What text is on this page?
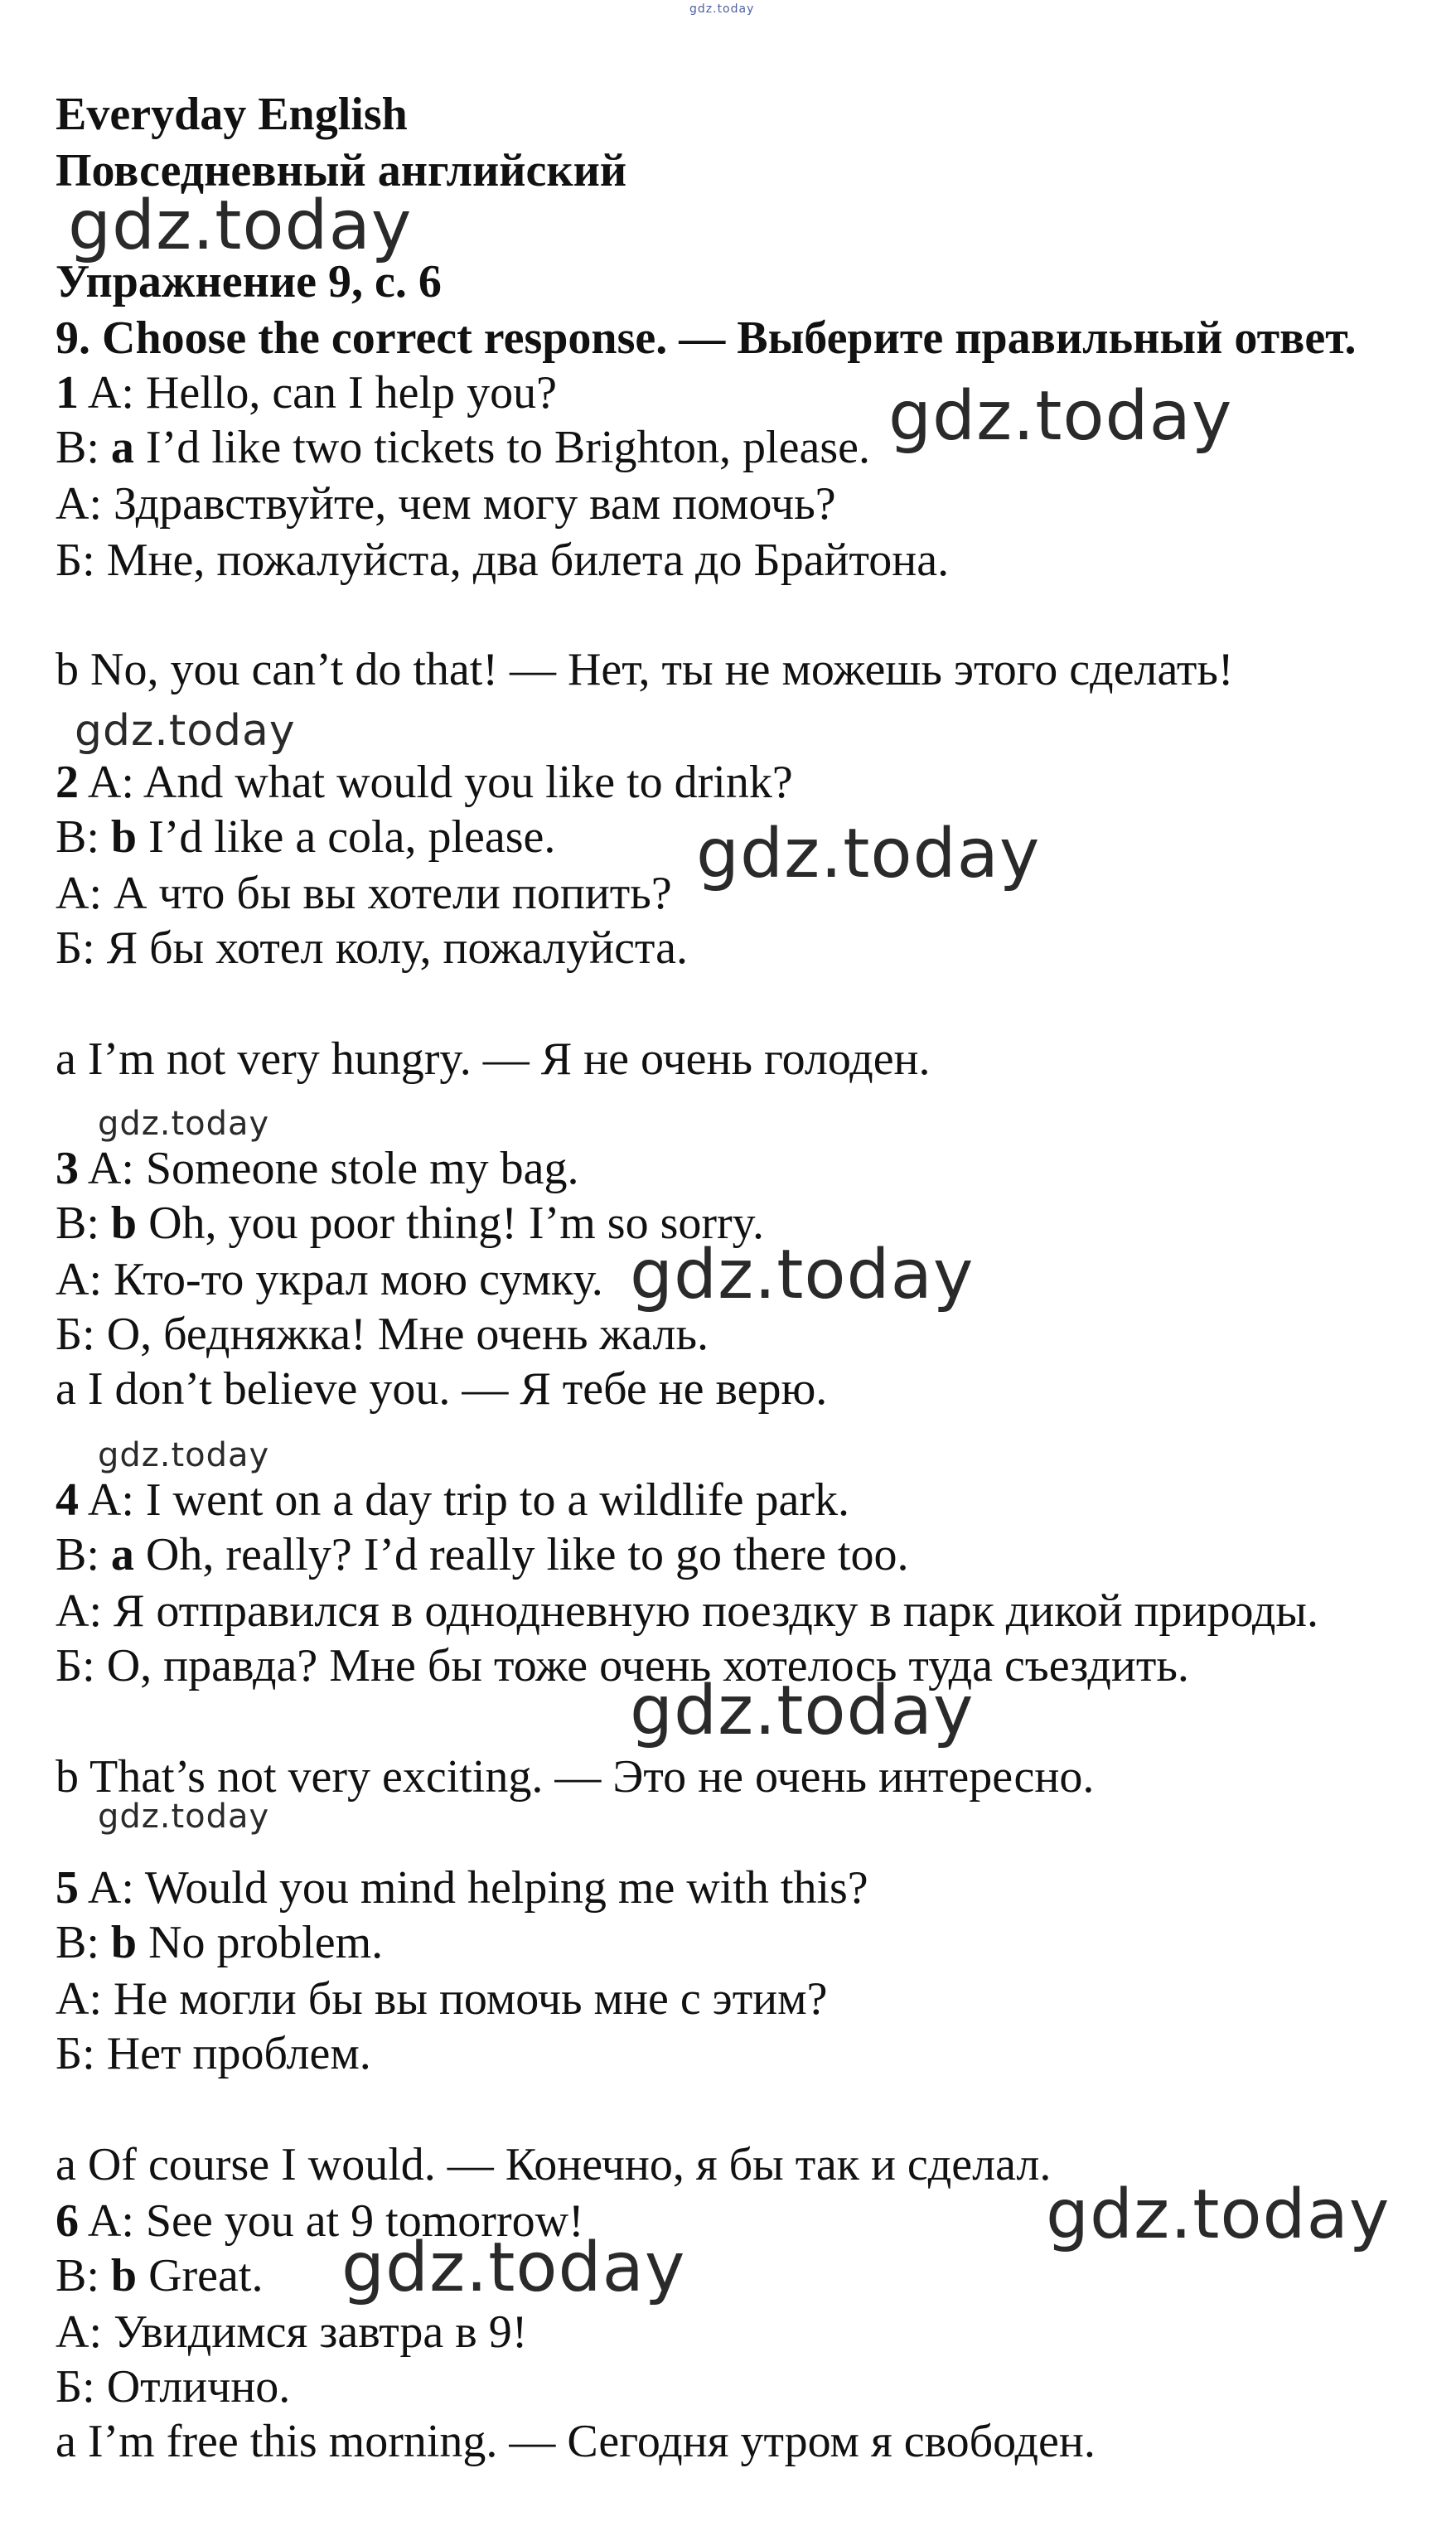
gdz.today
Everyday English
Повседневный английский
gdz.today
Упражнение 9, с. 6
9. Choose the correct response. — Выберите правильный ответ.
1 A: Hello, can I help you?
B: a I’d like two tickets to Brighton, please. gdz.today
А: Здравствуйте, чем могу вам помочь?
Б: Мне, пожалуйста, два билета до Брайтона.
b No, you can’t do that! — Нет, ты не можешь этого сделать!
gdz.today
2 A: And what would you like to drink?
B: b I’d like a cola, please. gdz.today
А: А что бы вы хотели попить?
Б: Я бы хотел колу, пожалуйста.
a I’m not very hungry. — Я не очень голоден.
gdz.today
3 A: Someone stole my bag.
B: b Oh, you poor thing! I’m so sorry.
gdz.today
А: Кто-то украл мою сумку.
Б: О, бедняжка! Мне очень жаль.
a I don’t believe you. — Я тебе не верю.
gdz.today
4 A: I went on a day trip to a wildlife park.
B: a Oh, really? I’d really like to go there too.
А: Я отправился в однодневную поездку в парк дикой природы.
Б: О, правда? Мне бы тоже очень хотелось туда съездить.
gdz.today
b That’s not very exciting. — Это не очень интересно.
gdz.today
5 A: Would you mind helping me with this?
B: b No problem.
А: Не могли бы вы помочь мне с этим?
Б: Нет проблем.
a Of course I would. — Конечно, я бы так и сделал.
6 A: See you at 9 tomorrow!	gdz.today
B: b Great. gdz.today
А: Увидимся завтра в 9!
Б: Отлично.
a I’m free this morning. — Сегодня утром я свободен.
